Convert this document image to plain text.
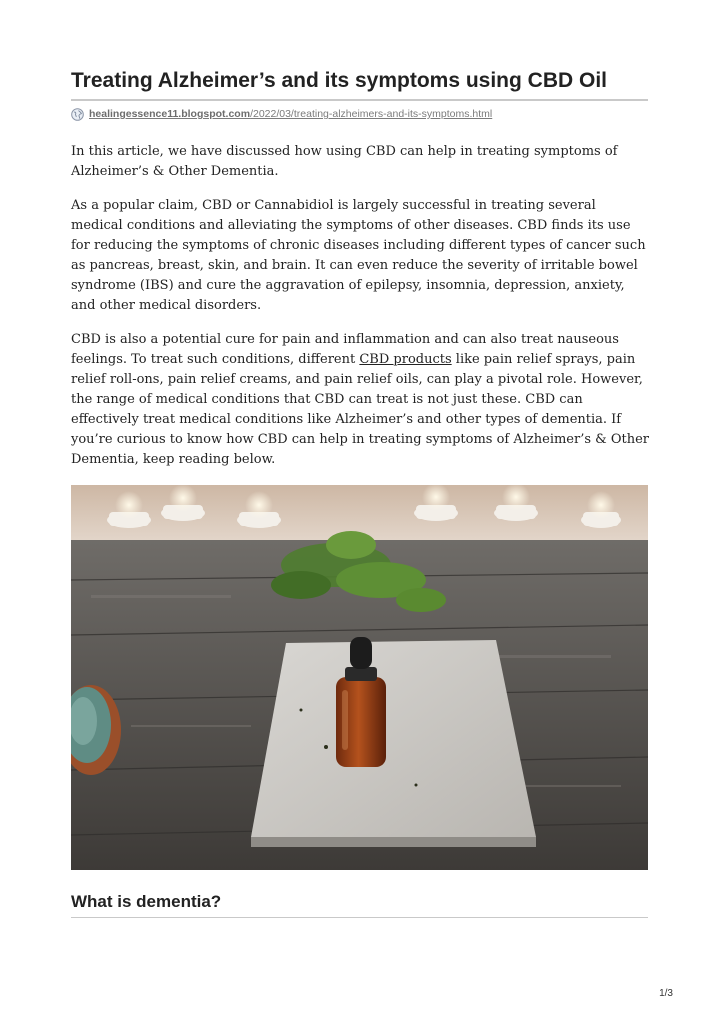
Treating Alzheimer’s and its symptoms using CBD Oil
healingessence11.blogspot.com/2022/03/treating-alzheimers-and-its-symptoms.html

In this article, we have discussed how using CBD can help in treating symptoms of Alzheimer’s & Other Dementia.

As a popular claim, CBD or Cannabidiol is largely successful in treating several medical conditions and alleviating the symptoms of other diseases. CBD finds its use for reducing the symptoms of chronic diseases including different types of cancer such as pancreas, breast, skin, and brain. It can even reduce the severity of irritable bowel syndrome (IBS) and cure the aggravation of epilepsy, insomnia, depression, anxiety, and other medical disorders.

CBD is also a potential cure for pain and inflammation and can also treat nauseous feelings. To treat such conditions, different CBD products like pain relief sprays, pain relief roll-ons, pain relief creams, and pain relief oils, can play a pivotal role. However, the range of medical conditions that CBD can treat is not just these. CBD can effectively treat medical conditions like Alzheimer’s and other types of dementia. If you’re curious to know how CBD can help in treating symptoms of Alzheimer’s & Other Dementia, keep reading below.

What is dementia?
1/3
